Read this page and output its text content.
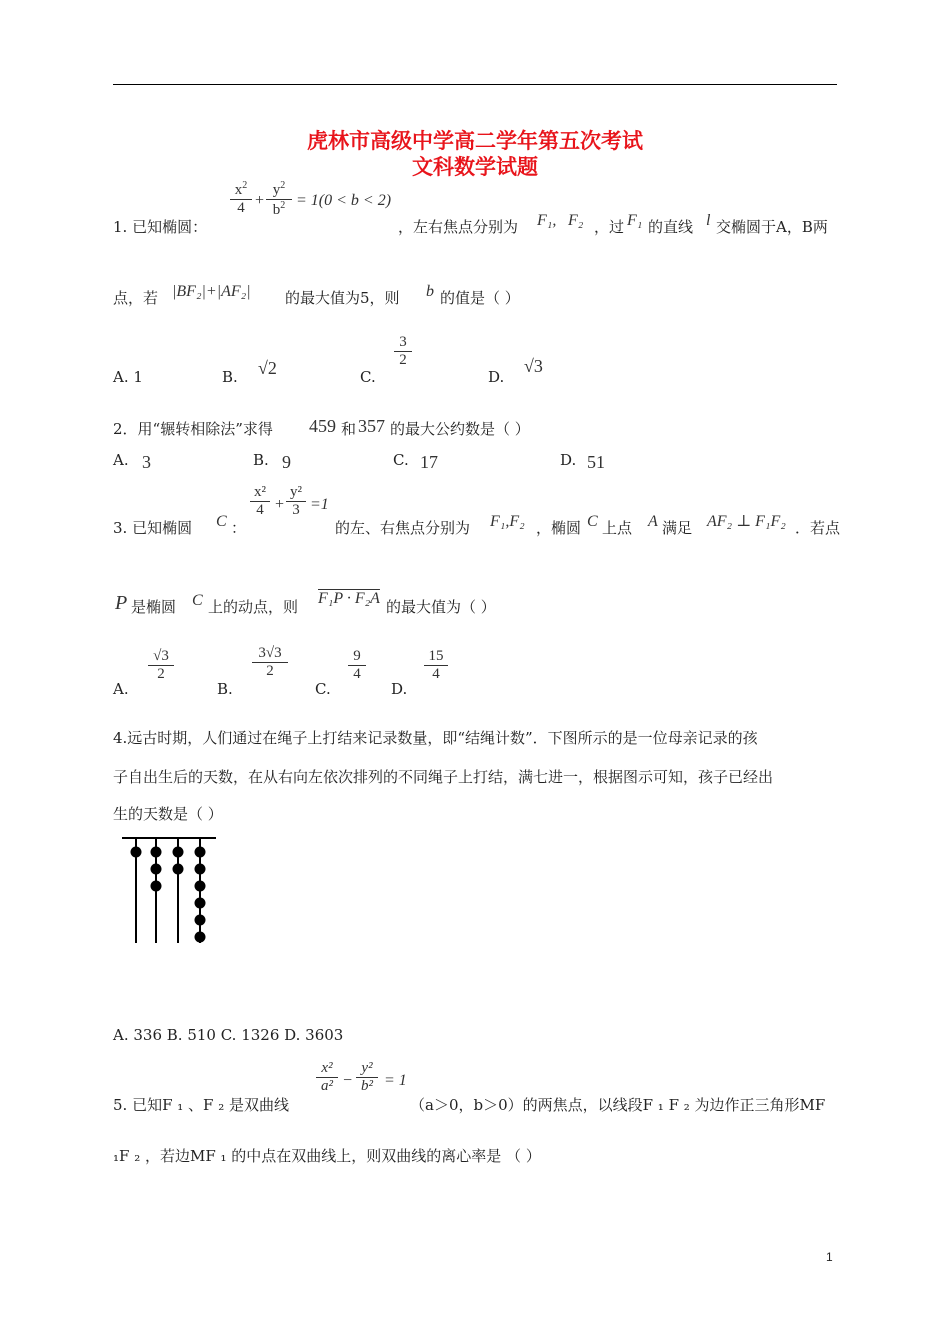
虎林市高级中学高二学年第五次考试
文科数学试题
1. 已知椭圆：
$\frac{x^2}{4} + \frac{y^2}{b^2} = 1(0 < b < 2)$
，左右焦点分别为 F₁, F₂ ，过 F₁ 的直线 l 交椭圆于A，B两
点，若 |BF₂|+|AF₂| 的最大值为5，则 b 的值是（ ）
A. 1	B. √2	C.
$\frac{3}{2}$
D.
√3
2．用“辗转相除法”求得 459 和 357 的最大公约数是（ ）
A. 3	B. 9	C. 17	D. 51
3. 已知椭圆 C ：
$\frac{\text{x²}}{4} + \frac{\text{y²}}{3} =1$
的左、右焦点分别为 F₁,F₂ ，椭圆 C 上点 A 满足 AF₂ ⊥ F₁F₂ ．若点
P 是椭圆 C 上的动点，则 F₁P · F₂A 的最大值为（ ）
A.
$\frac{√3}{2}$
B.
$\frac{3√3}{2}$
C.
$\frac{9}{4}$
D.
$\frac{15}{4}$
4.远古时期，人们通过在绳子上打结来记录数量，即“结绳计数”．下图所示的是一位母亲记录的孩
子自出生后的天数，在从右向左依次排列的不同绳子上打结，满七进一，根据图示可知，孩子已经出
生的天数是（ ）
A. 336 B. 510 C. 1326 D. 3603
5. 已知F ₁ 、F ₂ 是双曲线
$\frac{\text{x²}}{\text{a²}} - \frac{\text{y²}}{\text{b²}} = 1$
（a＞0，b＞0）的两焦点，以线段F ₁ F ₂ 为边作正三角形MF
₁F ₂ ，若边MF ₁ 的中点在双曲线上，则双曲线的离心率是 （ ）
1
